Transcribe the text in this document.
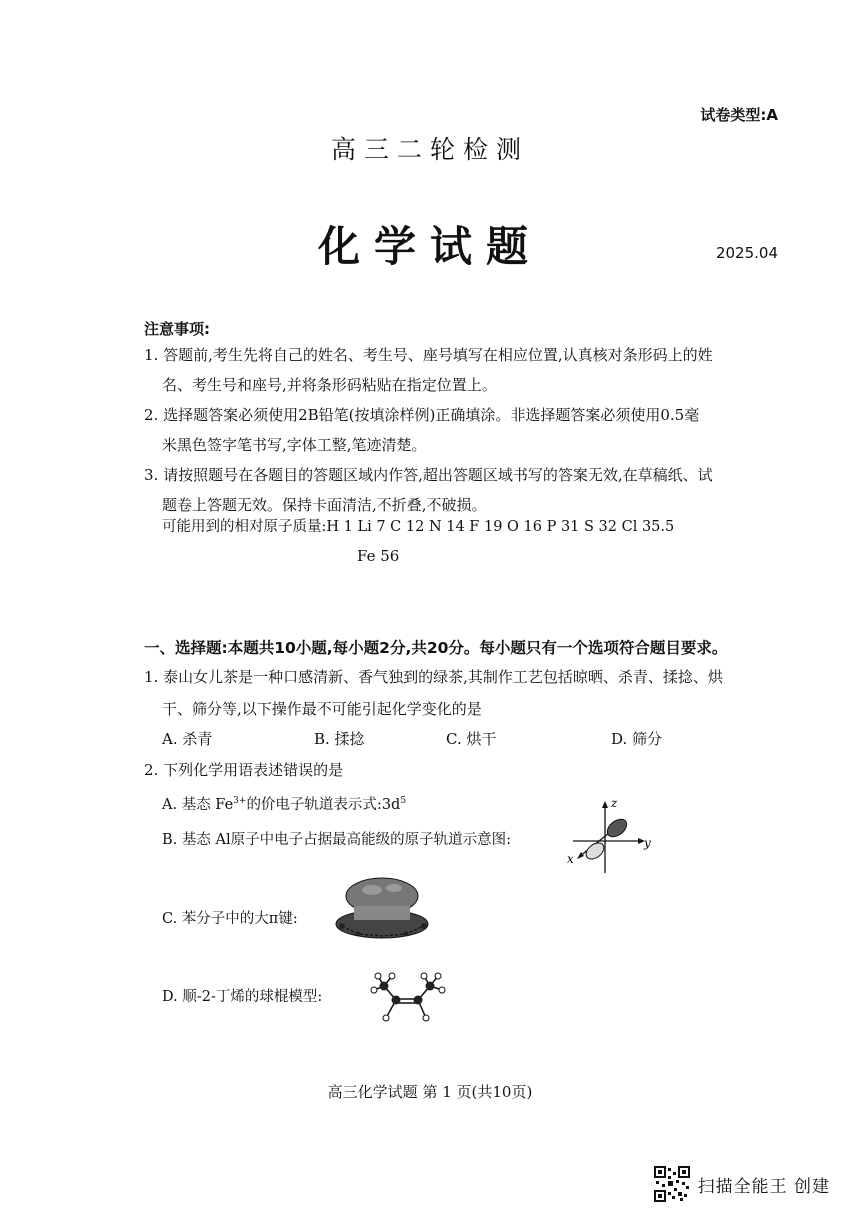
试卷类型:A
高三二轮检测
化学试题	2025.04
注意事项:
1. 答题前,考生先将自己的姓名、考生号、座号填写在相应位置,认真核对条形码上的姓
名、考生号和座号,并将条形码粘贴在指定位置上。
2. 选择题答案必须使用2B铅笔(按填涂样例)正确填涂。非选择题答案必须使用0.5毫
米黑色签字笔书写,字体工整,笔迹清楚。
3. 请按照题号在各题目的答题区域内作答,超出答题区域书写的答案无效,在草稿纸、试
题卷上答题无效。保持卡面清洁,不折叠,不破损。
可能用到的相对原子质量:H 1 Li 7 C 12 N 14 F 19 O 16 P 31 S 32 Cl 35.5
Fe 56
一、选择题:本题共10小题,每小题2分,共20分。每小题只有一个选项符合题目要求。
1. 泰山女儿茶是一种口感清新、香气独到的绿茶,其制作工艺包括晾晒、杀青、揉捻、烘
干、筛分等,以下操作最不可能引起化学变化的是
A. 杀青	B. 揉捻	C. 烘干	D. 筛分
2. 下列化学用语表述错误的是
A. 基态 $Fe^{3+}$的价电子轨道表示式$:3d^5$
B. 基态 Al原子中电子占据最高能级的原子轨道示意图:
z
y
x
C. 苯分子中的大π键:
D. 顺-2-丁烯的球棍模型:
高三化学试题 第 1 页(共10页)
扫描全能王 创建
